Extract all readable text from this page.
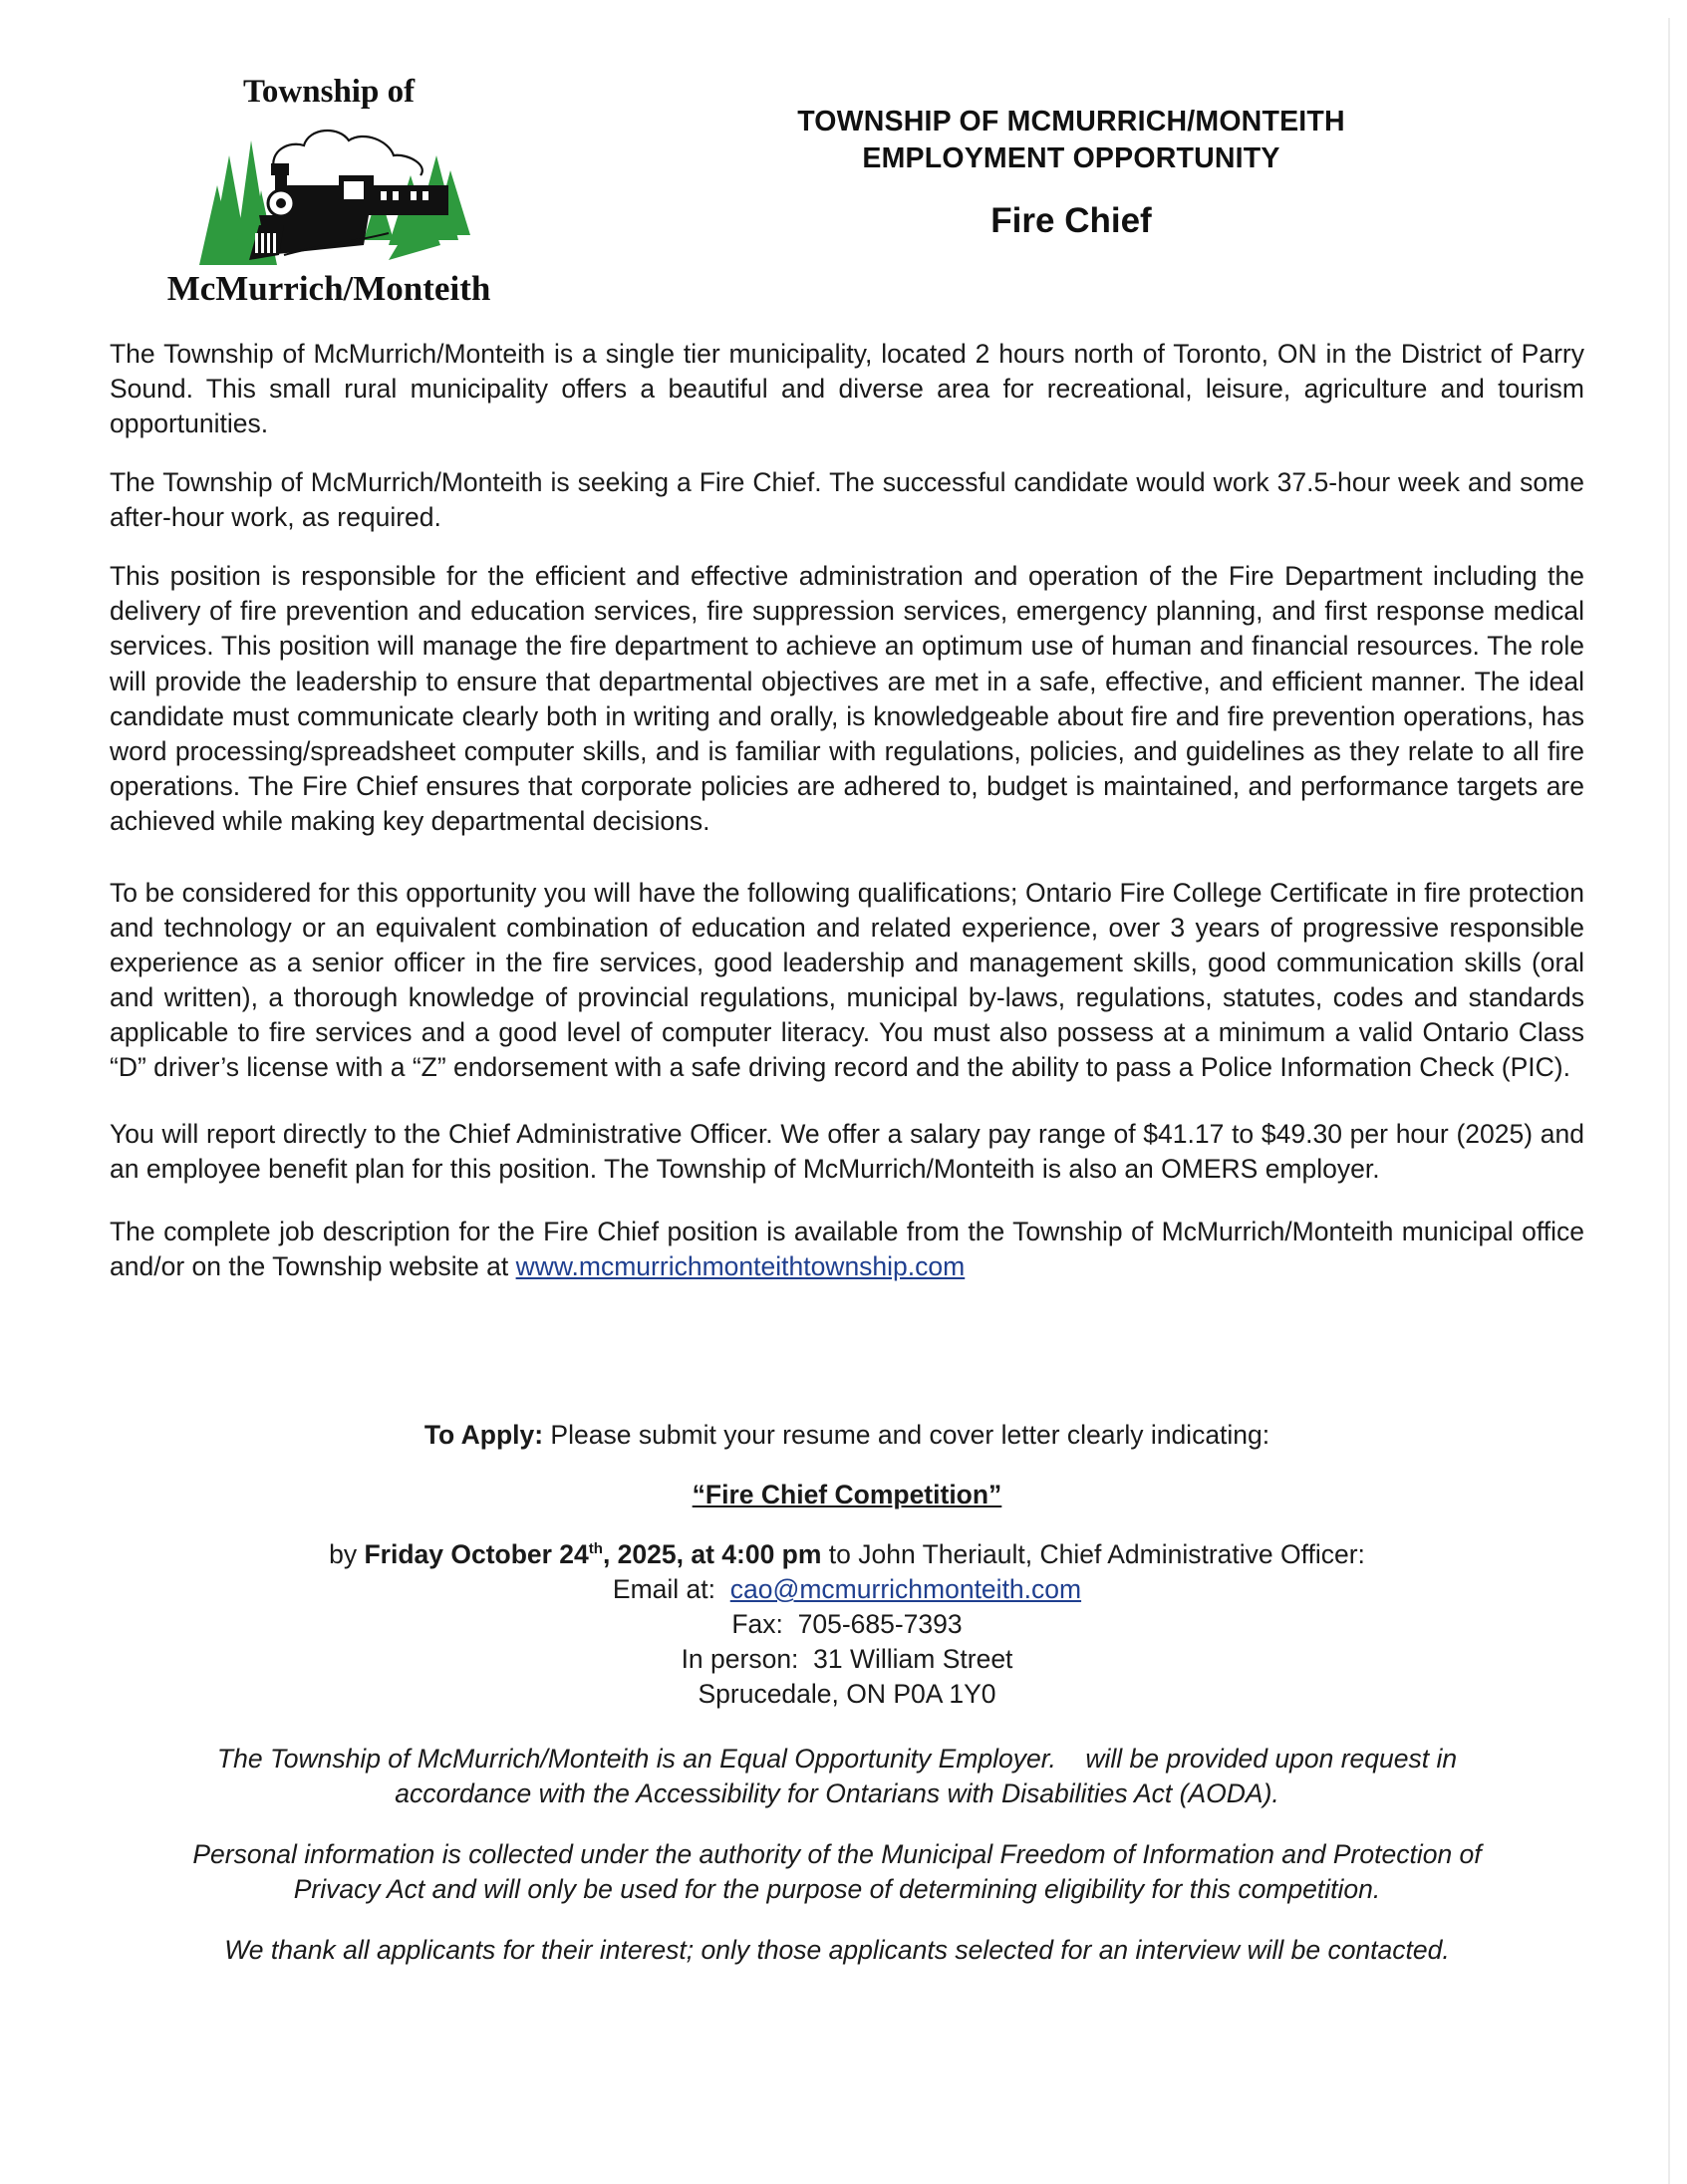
Township of
McMurrich/Monteith
TOWNSHIP OF MCMURRICH/MONTEITH
EMPLOYMENT OPPORTUNITY
Fire Chief

The Township of McMurrich/Monteith is a single tier municipality, located 2 hours north of Toronto, ON in the District of Parry Sound. This small rural municipality offers a beautiful and diverse area for recreational, leisure, agriculture and tourism opportunities.

The Township of McMurrich/Monteith is seeking a Fire Chief. The successful candidate would work 37.5-hour week and some after-hour work, as required.

This position is responsible for the efficient and effective administration and operation of the Fire Department including the delivery of fire prevention and education services, fire suppression services, emergency planning, and first response medical services. This position will manage the fire department to achieve an optimum use of human and financial resources. The role will provide the leadership to ensure that departmental objectives are met in a safe, effective, and efficient manner. The ideal candidate must communicate clearly both in writing and orally, is knowledgeable about fire and fire prevention operations, has word processing/spreadsheet computer skills, and is familiar with regulations, policies, and guidelines as they relate to all fire operations. The Fire Chief ensures that corporate policies are adhered to, budget is maintained, and performance targets are achieved while making key departmental decisions.

To be considered for this opportunity you will have the following qualifications; Ontario Fire College Certificate in fire protection and technology or an equivalent combination of education and related experience, over 3 years of progressive responsible experience as a senior officer in the fire services, good leadership and management skills, good communication skills (oral and written), a thorough knowledge of provincial regulations, municipal by-laws, regulations, statutes, codes and standards applicable to fire services and a good level of computer literacy. You must also possess at a minimum a valid Ontario Class “D” driver’s license with a “Z” endorsement with a safe driving record and the ability to pass a Police Information Check (PIC).

You will report directly to the Chief Administrative Officer. We offer a salary pay range of $41.17 to $49.30 per hour (2025) and an employee benefit plan for this position. The Township of McMurrich/Monteith is also an OMERS employer.

The complete job description for the Fire Chief position is available from the Township of McMurrich/Monteith municipal office and/or on the Township website at www.mcmurrichmonteithtownship.com

To Apply: Please submit your resume and cover letter clearly indicating:
“Fire Chief Competition”
by Friday October 24th, 2025, at 4:00 pm to John Theriault, Chief Administrative Officer:
Email at:  cao@mcmurrichmonteith.com
Fax:  705-685-7393
In person:  31 William Street
Sprucedale, ON P0A 1Y0

The Township of McMurrich/Monteith is an Equal Opportunity Employer.    will be provided upon request in

accordance with the Accessibility for Ontarians with Disabilities Act (AODA).

Personal information is collected under the authority of the Municipal Freedom of Information and Protection of

Privacy Act and will only be used for the purpose of determining eligibility for this competition.

We thank all applicants for their interest; only those applicants selected for an interview will be contacted.
